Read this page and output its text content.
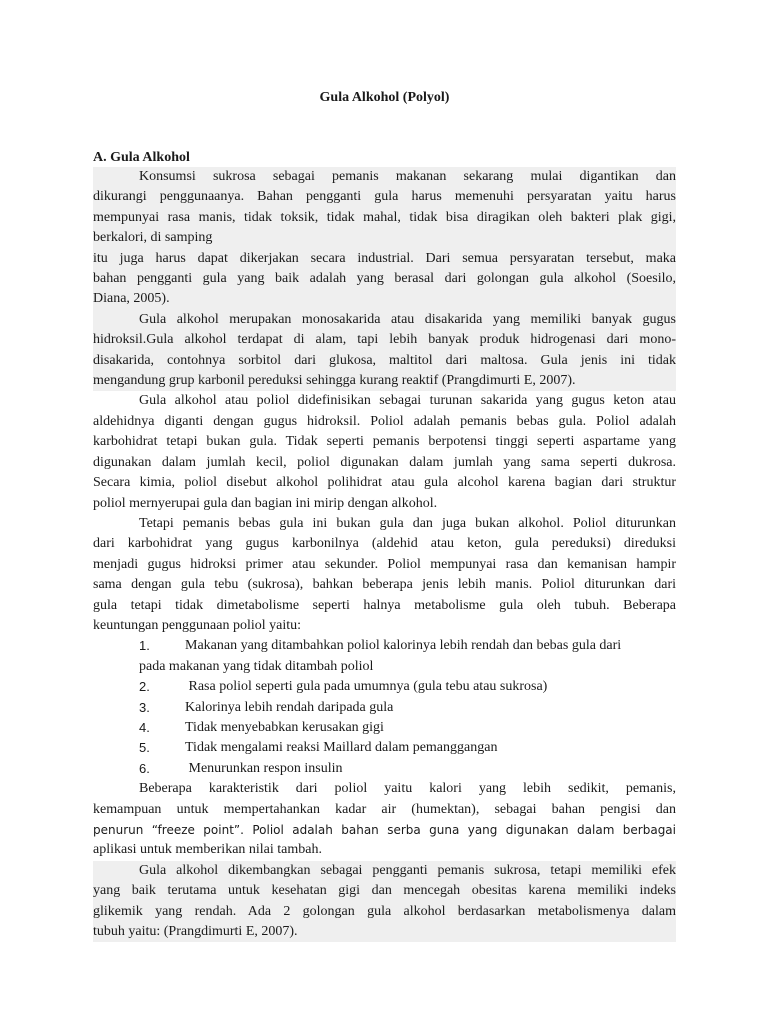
Gula Alkohol (Polyol)
A. Gula Alkohol
Konsumsi sukrosa sebagai pemanis makanan sekarang mulai digantikan dan
dikurangi penggunaanya. Bahan pengganti gula harus memenuhi persyaratan yaitu harus
mempunyai rasa manis, tidak toksik, tidak mahal, tidak bisa diragikan oleh bakteri plak gigi,
berkalori, di samping
itu juga harus dapat dikerjakan secara industrial. Dari semua persyaratan tersebut, maka
bahan pengganti gula yang baik adalah yang berasal dari golongan gula alkohol (Soesilo,
Diana, 2005).
Gula alkohol merupakan monosakarida atau disakarida yang memiliki banyak gugus
hidroksil.Gula alkohol terdapat di alam, tapi lebih banyak produk hidrogenasi dari mono-
disakarida, contohnya sorbitol dari glukosa, maltitol dari maltosa. Gula jenis ini tidak
mengandung grup karbonil pereduksi sehingga kurang reaktif (Prangdimurti E, 2007).
Gula alkohol atau poliol didefinisikan sebagai turunan sakarida yang gugus keton atau
aldehidnya diganti dengan gugus hidroksil. Poliol adalah pemanis bebas gula. Poliol adalah
karbohidrat tetapi bukan gula. Tidak seperti pemanis berpotensi tinggi seperti aspartame yang
digunakan dalam jumlah kecil, poliol digunakan dalam jumlah yang sama seperti dukrosa.
Secara kimia, poliol disebut alkohol polihidrat atau gula alcohol karena bagian dari struktur
poliol mernyerupai gula dan bagian ini mirip dengan alkohol.
Tetapi pemanis bebas gula ini bukan gula dan juga bukan alkohol. Poliol diturunkan
dari karbohidrat yang gugus karbonilnya (aldehid atau keton, gula pereduksi) direduksi
menjadi gugus hidroksi primer atau sekunder. Poliol mempunyai rasa dan kemanisan hampir
sama dengan gula tebu (sukrosa), bahkan beberapa jenis lebih manis. Poliol diturunkan dari
gula tetapi tidak dimetabolisme seperti halnya metabolisme gula oleh tubuh. Beberapa
keuntungan penggunaan poliol yaitu:
1.	Makanan yang ditambahkan poliol kalorinya lebih rendah dan bebas gula dari
pada makanan yang tidak ditambah poliol
2.	Rasa poliol seperti gula pada umumnya (gula tebu atau sukrosa)
3.	Kalorinya lebih rendah daripada gula
4.	Tidak menyebabkan kerusakan gigi
5.	Tidak mengalami reaksi Maillard dalam pemanggangan
6.	Menurunkan respon insulin
Beberapa karakteristik dari poliol yaitu kalori yang lebih sedikit, pemanis,
kemampuan untuk mempertahankan kadar air (humektan), sebagai bahan pengisi dan
penurun “freeze point”. Poliol adalah bahan serba guna yang digunakan dalam berbagai
aplikasi untuk memberikan nilai tambah.
Gula alkohol dikembangkan sebagai pengganti pemanis sukrosa, tetapi memiliki efek
yang baik terutama untuk kesehatan gigi dan mencegah obesitas karena memiliki indeks
glikemik yang rendah. Ada 2 golongan gula alkohol berdasarkan metabolismenya dalam
tubuh yaitu: (Prangdimurti E, 2007).
